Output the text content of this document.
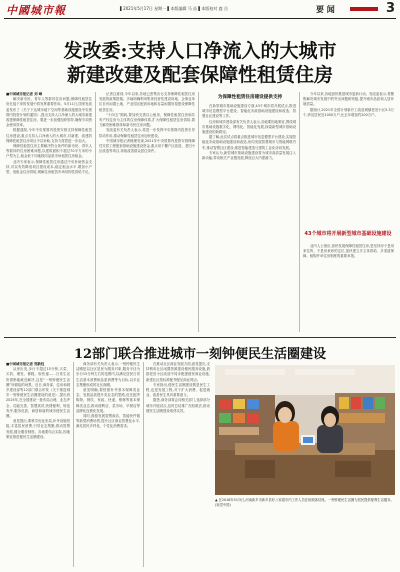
中國城市報	▌2021年5月17日 星期一 ▌本版编辑 马 苗 ▌本版校对 鹿 岳	要 闻	3
发改委:支持人口净流入的大城市
新建改建及配套保障性租赁住房

■中国城市报记者 刘 峰

解决新市民、青年人等群体住房问题,保障性租赁住房在接下来的发展中将发挥重要作用。5月11日,国家发改委发布了《关于下达城市地下空间等基础设施建设中央预算内投资计划的通知》,提出支持人口净流入的大城市新建改建保障性租赁住房。要进一步加强组织领导,确保专项资金使用效率。

根据通知,今年中央预算内投资安排支持保障性租赁住房建设,重点支持人口净流入的大城市,对新建、改建的保障性租赁住房项目予以补助,支持力度将进一步加大。

保障性租赁住房主要解决符合条件的新市民、青年人等群体的住房困难问题,以建筑面积不超过70平方米的小户型为主,租金低于同地段同品质市场租赁住房租金。

业内专家表示,保障性租赁住房通过中央补助资金支持,可以有效降低项目建设成本,稳定租金水平,增加小户型、低租金住房供给,缓解住房租赁市场结构性供给不足。

记者注意到,今年以来,各地已密集出台支持保障性租赁住房发展的政策措施。多地明确利用集体经营性建设用地、企事业单位自有闲置土地、产业园区配套用地和存量闲置房屋建设保障性租赁住房。

“十四五”期间,要加快完善以公租房、保障性租赁住房和共有产权住房为主体的住房保障体系,扩大保障性租赁住房供给,着力解决困难群体和新市民住房问题。

发改委有关负责人表示,将进一步发挥中央预算内投资引导带动作用,推动保障性租赁住房加快建设。

中国城市报记者梳理发现,2021年中央预算内投资安排保障性安居工程配套基础设施建设资金,重点用于棚户区改造、老旧小区改造等项目,持续改善群众居住条件。

为保障性租赁住房建设提供支持

在新型城市基础设施建设方面,43个城市将开展试点,推进城市信息模型平台建设、智能化市政基础设施建设和改造、智慧社区建设等工作。

住房和城乡建设部有关负责人表示,各地要因地制宜,围绕城市基础设施数字化、网络化、智能化发展,探索新型城市基础设施建设的新路径。

据了解,此次试点将重点推进城市信息模型平台建设,实施智能化市政基础设施建设和改造,协同发展智慧城市与智能网联汽车,推动智慧社区建设,推进智能建造与建筑工业化协同发展。

专家认为,新型城市基础设施建设将为城市高质量发展注入新动能,带动相关产业链发展,释放巨大内需潜力。

43个城市将开展新型城市基础设施建设

今年以来,各地加快推进城市更新行动。发改委表示,将聚焦解决城市发展中的突出问题和短板,提升城市品质和人居环境质量。

据统计,2021年全国计划新开工改造城镇老旧小区5.3万个,涉及居民近1000万户,比去年增加约200万户。

业内人士指出,加快发展保障性租赁住房,是坚持房子是用来住的、不是用来炒的定位,加快建立多主体供给、多渠道保障、租购并举住房制度的重要举措。

12部门联合推进城市一刻钟便民生活圈建设

■中国城市报记者 郑新钰

从家出发,步行不超过15分钟,买菜、买药、理发、修鞋、取快递……日常生活所需都能就近解决,这是“一刻钟便民生活圈”所描绘的场景。近日,商务部、住房和城乡建设部等12部门联合印发《关于推进城市一刻钟便民生活圈建设的意见》,提出到2025年,在全国建设一批布局合理、业态齐全、功能完善、智慧高效,快捷便利、规范有序,服务优质、商居和谐的城市便民生活圈。

意见提出,要科学优化布局,补齐设施短板,丰富居民消费,引导业态集聚,推动智慧发展,健全服务制度。各地要结合实际,因地制宜推进便民生活圈建设。

商务部有关负责人表示,一刻钟便民生活圈是以社区居民为服务对象,服务半径为步行15分钟左右的范围内,以满足居民日常生活基本消费和品质消费等为目标,以多业态集聚形成的社区商圈。

意见明确,要按照补齐基本保障类业态、发展品质提升类业态的思路,优先配齐购物、餐饮、家政、快递、维修等基本保障类业态,推动便利店、菜市场、早餐店等品牌化连锁化发展。

同时,鼓励发展智慧商店、智能快件箱等新型消费场景,提升社区商业智慧化水平,满足居民多样化、个性化消费需求。

在推动社区商业发展方面,意见提出,支持利用社区闲置资源建设便民服务设施,鼓励老旧小区改造中同步配建便民商业设施,新建社区按标准配齐配足商业网点。

专家指出,便民生活圈建设既是民生工程,也是发展工程,对于扩大消费、促进就业、改善民生具有重要意义。

据悉,商务部将会同相关部门,选择部分城市开展试点,及时总结推广经验做法,推动便民生活圈建设取得实效。

▲ 在2018年5月5日,河南新乡市新乡县好八家超市内工作人员在给顾客结账。一刻钟便民生活圈为居民提供便利生活服务。(视觉中国)
